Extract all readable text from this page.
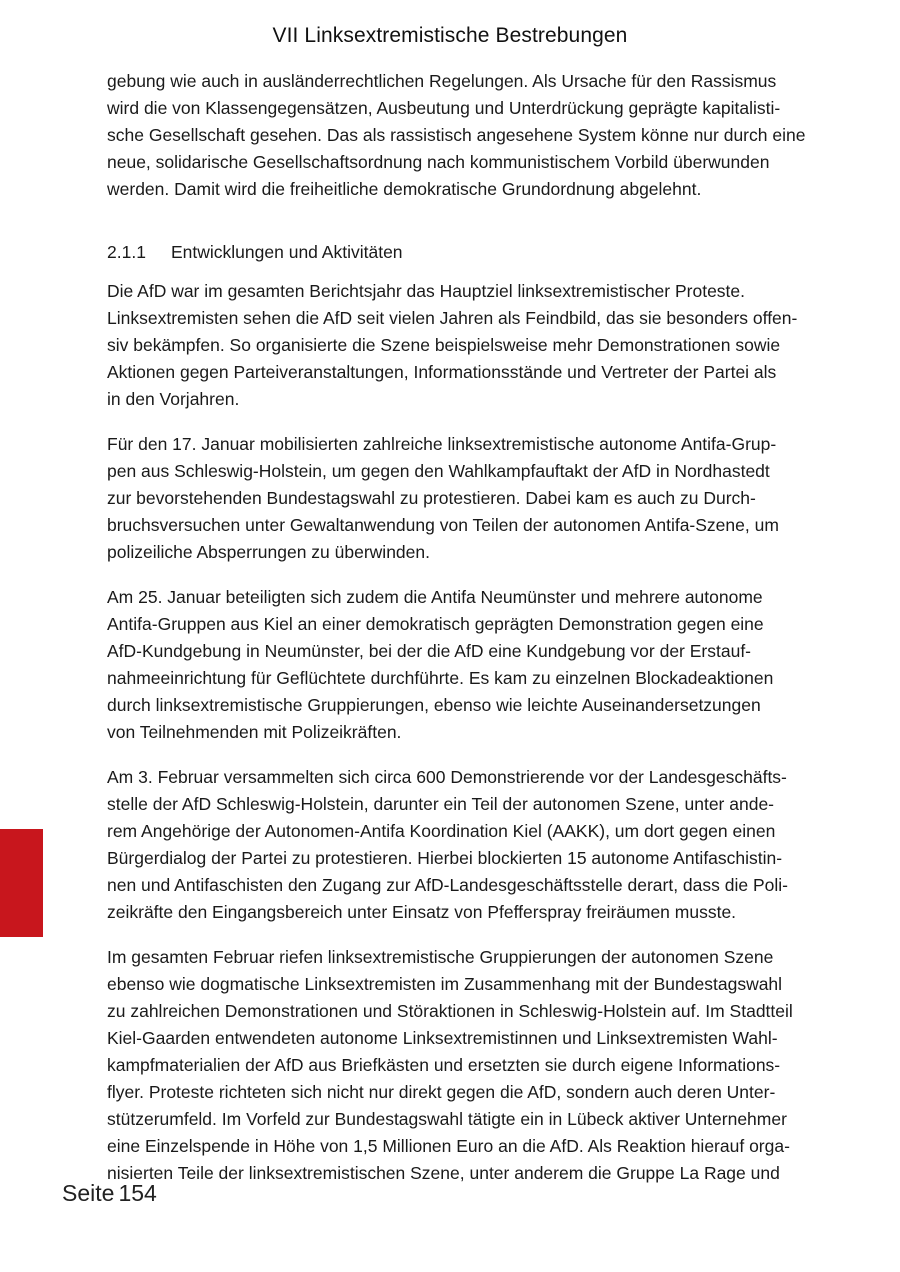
VII Linksextremistische Bestrebungen

gebung wie auch in ausländerrechtlichen Regelungen. Als Ursache für den Rassismus
wird die von Klassengegensätzen, Ausbeutung und Unterdrückung geprägte kapitalisti-
sche Gesellschaft gesehen. Das als rassistisch angesehene System könne nur durch eine
neue, solidarische Gesellschaftsordnung nach kommunistischem Vorbild überwunden
werden. Damit wird die freiheitliche demokratische Grundordnung abgelehnt.

2.1.1 Entwicklungen und Aktivitäten

Die AfD war im gesamten Berichtsjahr das Hauptziel linksextremistischer Proteste.
Linksextremisten sehen die AfD seit vielen Jahren als Feindbild, das sie besonders offen-
siv bekämpfen. So organisierte die Szene beispielsweise mehr Demonstrationen sowie
Aktionen gegen Parteiveranstaltungen, Informationsstände und Vertreter der Partei als
in den Vorjahren.

Für den 17. Januar mobilisierten zahlreiche linksextremistische autonome Antifa-Grup-
pen aus Schleswig-Holstein, um gegen den Wahlkampfauftakt der AfD in Nordhastedt
zur bevorstehenden Bundestagswahl zu protestieren. Dabei kam es auch zu Durch-
bruchsversuchen unter Gewaltanwendung von Teilen der autonomen Antifa-Szene, um
polizeiliche Absperrungen zu überwinden.

Am 25. Januar beteiligten sich zudem die Antifa Neumünster und mehrere autonome
Antifa-Gruppen aus Kiel an einer demokratisch geprägten Demonstration gegen eine
AfD-Kundgebung in Neumünster, bei der die AfD eine Kundgebung vor der Erstauf-
nahmeeinrichtung für Geflüchtete durchführte. Es kam zu einzelnen Blockadeaktionen
durch linksextremistische Gruppierungen, ebenso wie leichte Auseinandersetzungen
von Teilnehmenden mit Polizeikräften.

Am 3. Februar versammelten sich circa 600 Demonstrierende vor der Landesgeschäfts-
stelle der AfD Schleswig-Holstein, darunter ein Teil der autonomen Szene, unter ande-
rem Angehörige der Autonomen-Antifa Koordination Kiel (AAKK), um dort gegen einen
Bürgerdialog der Partei zu protestieren. Hierbei blockierten 15 autonome Antifaschistin-
nen und Antifaschisten den Zugang zur AfD-Landesgeschäftsstelle derart, dass die Poli-
zeikräfte den Eingangsbereich unter Einsatz von Pfefferspray freiräumen musste.

Im gesamten Februar riefen linksextremistische Gruppierungen der autonomen Szene
ebenso wie dogmatische Linksextremisten im Zusammenhang mit der Bundestagswahl
zu zahlreichen Demonstrationen und Störaktionen in Schleswig-Holstein auf. Im Stadtteil
Kiel-Gaarden entwendeten autonome Linksextremistinnen und Linksextremisten Wahl-
kampfmaterialien der AfD aus Briefkästen und ersetzten sie durch eigene Informations-
flyer. Proteste richteten sich nicht nur direkt gegen die AfD, sondern auch deren Unter-
stützerumfeld. Im Vorfeld zur Bundestagswahl tätigte ein in Lübeck aktiver Unternehmer
eine Einzelspende in Höhe von 1,5 Millionen Euro an die AfD. Als Reaktion hierauf orga-
nisierten Teile der linksextremistischen Szene, unter anderem die Gruppe La Rage und

Seite 154
